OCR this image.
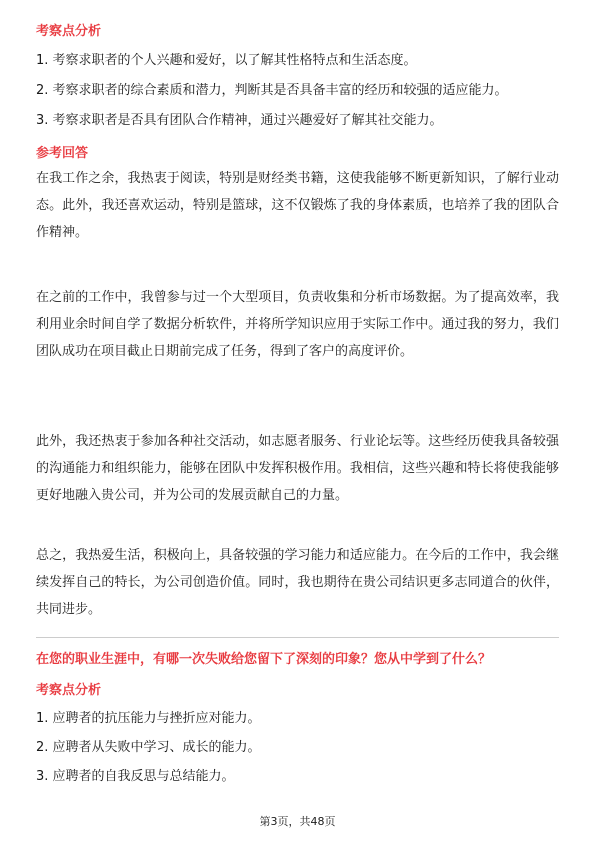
考察点分析
1. 考察求职者的个人兴趣和爱好，以了解其性格特点和生活态度。
2. 考察求职者的综合素质和潜力，判断其是否具备丰富的经历和较强的适应能力。
3. 考察求职者是否具有团队合作精神，通过兴趣爱好了解其社交能力。
参考回答
在我工作之余，我热衷于阅读，特别是财经类书籍，这使我能够不断更新知识，了解行业动态。此外，我还喜欢运动，特别是篮球，这不仅锻炼了我的身体素质，也培养了我的团队合作精神。
在之前的工作中，我曾参与过一个大型项目，负责收集和分析市场数据。为了提高效率，我利用业余时间自学了数据分析软件，并将所学知识应用于实际工作中。通过我的努力，我们团队成功在项目截止日期前完成了任务，得到了客户的高度评价。
此外，我还热衷于参加各种社交活动，如志愿者服务、行业论坛等。这些经历使我具备较强的沟通能力和组织能力，能够在团队中发挥积极作用。我相信，这些兴趣和特长将使我能够更好地融入贵公司，并为公司的发展贡献自己的力量。
总之，我热爱生活，积极向上，具备较强的学习能力和适应能力。在今后的工作中，我会继续发挥自己的特长，为公司创造价值。同时，我也期待在贵公司结识更多志同道合的伙伴，共同进步。
在您的职业生涯中，有哪一次失败给您留下了深刻的印象？您从中学到了什么？
考察点分析
1. 应聘者的抗压能力与挫折应对能力。
2. 应聘者从失败中学习、成长的能力。
3. 应聘者的自我反思与总结能力。
第3页，共48页
